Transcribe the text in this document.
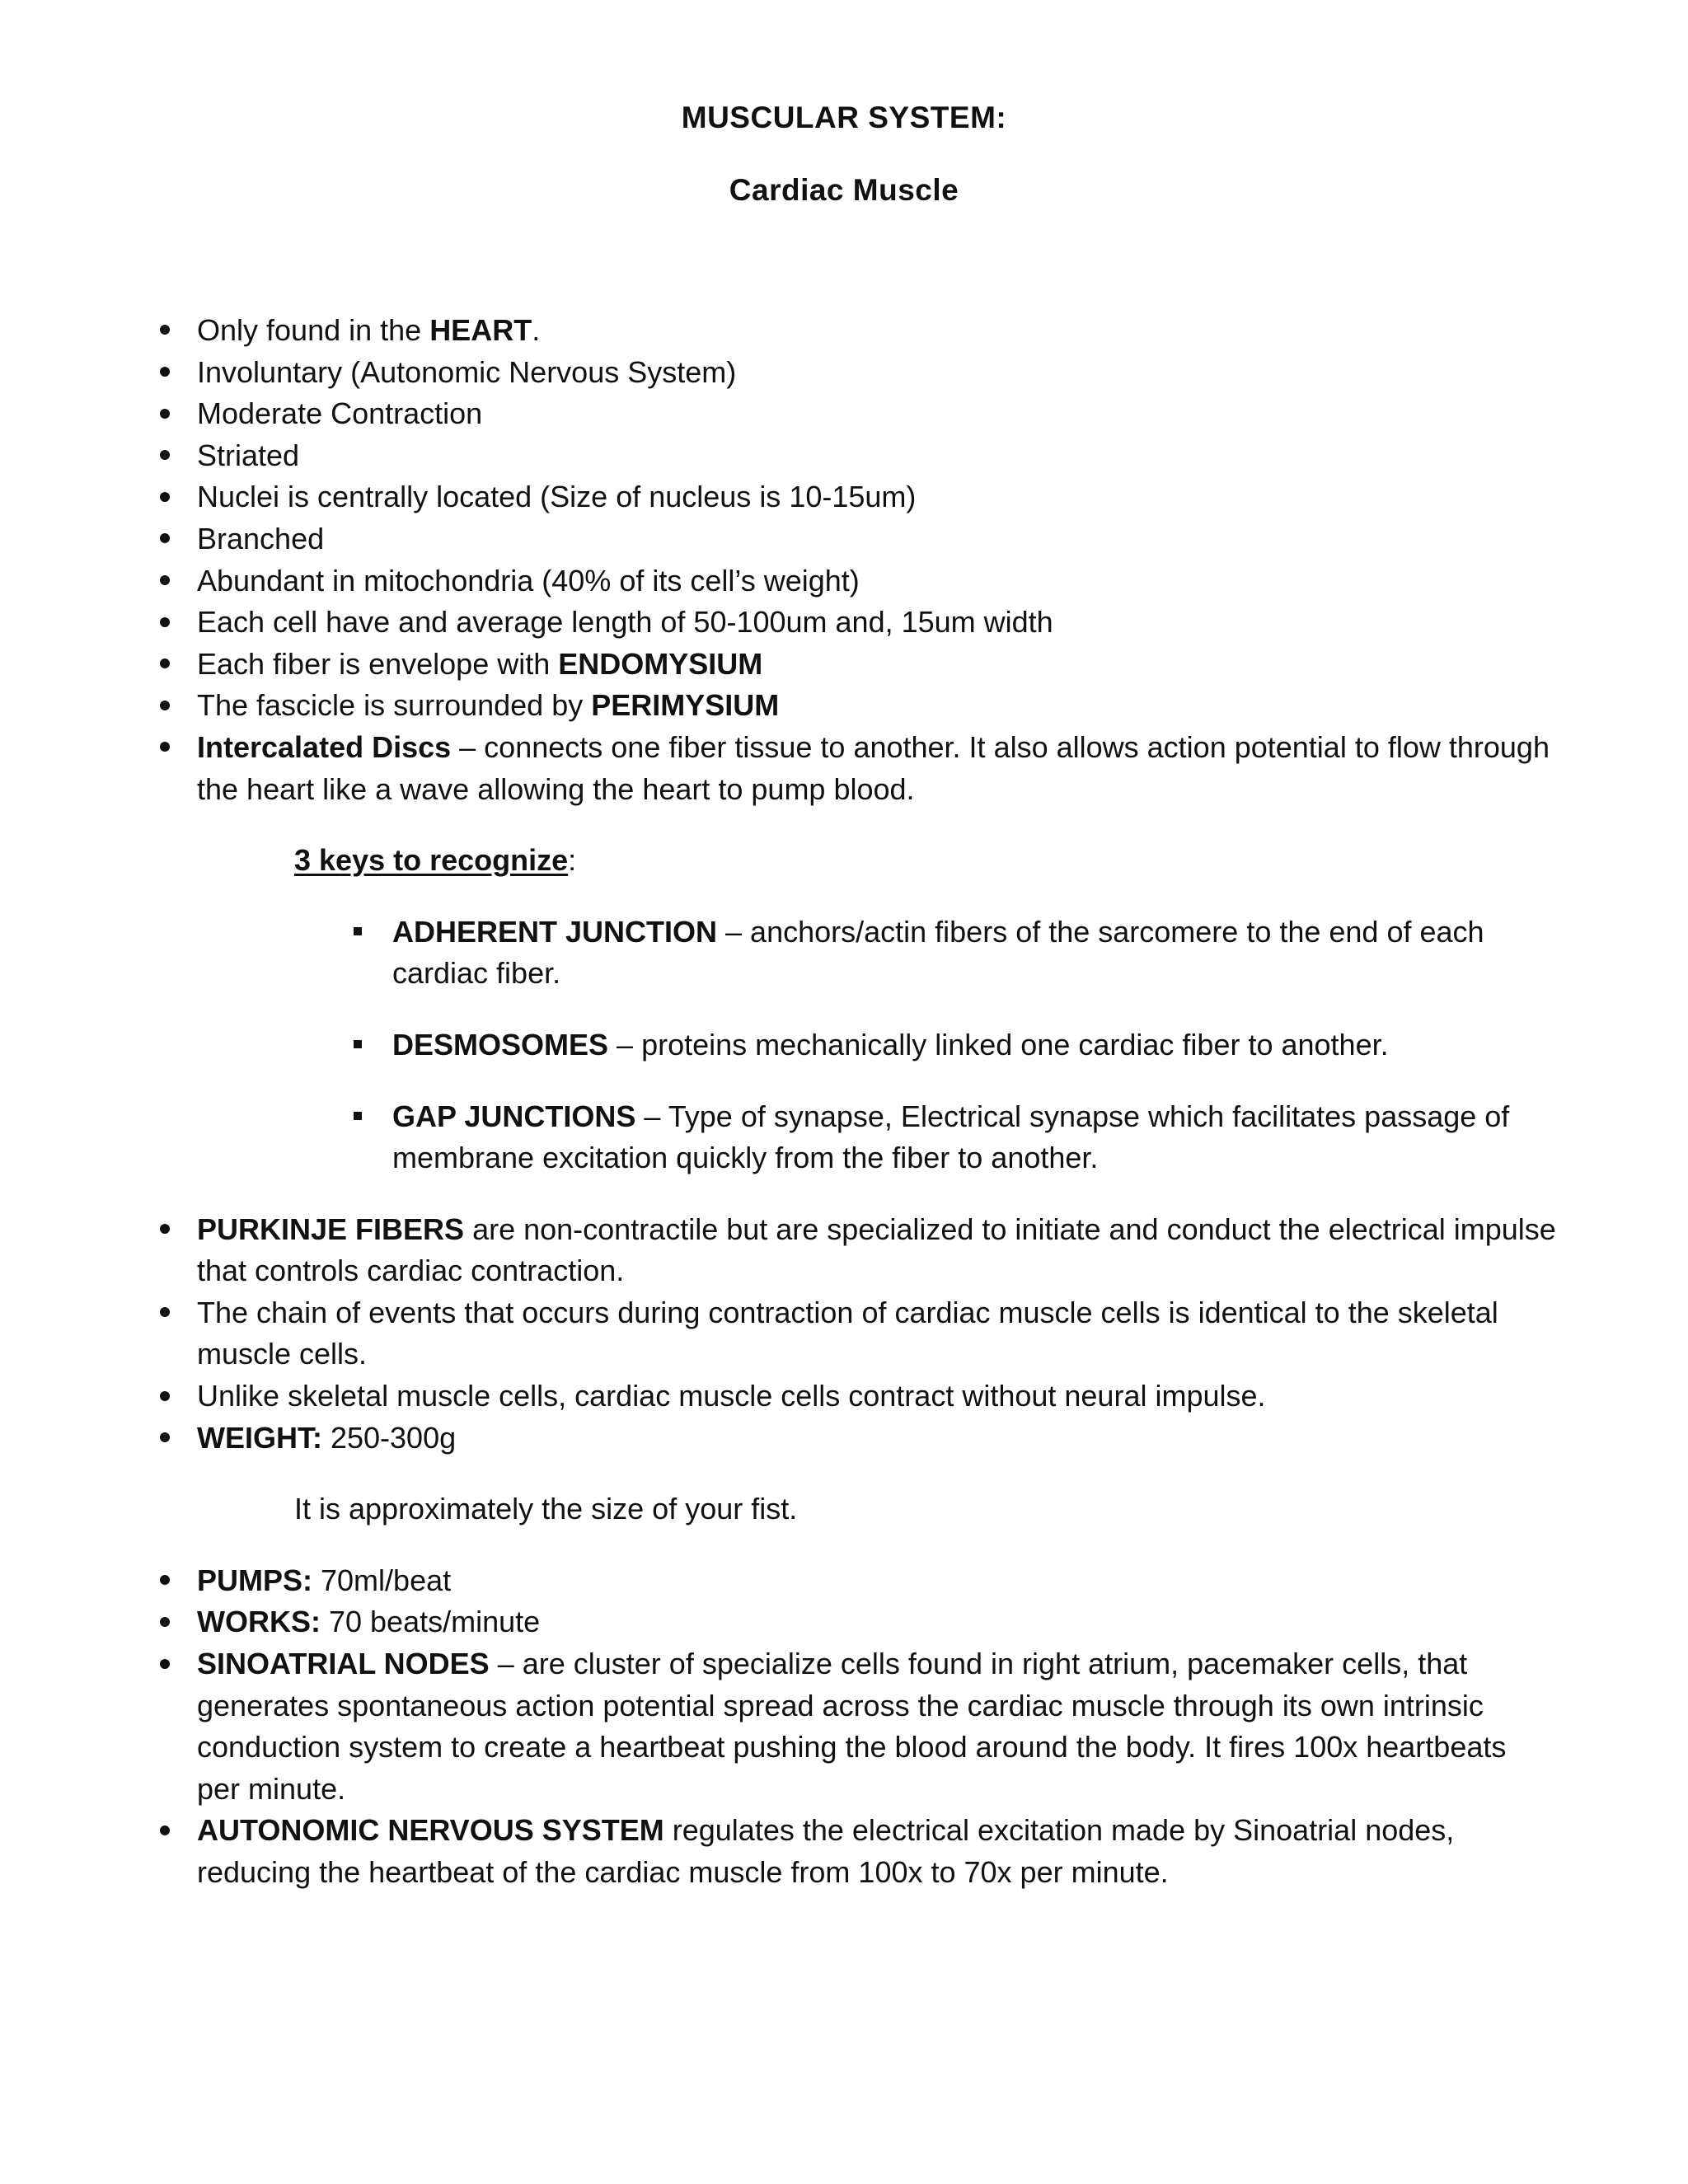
MUSCULAR SYSTEM:
Cardiac Muscle

Only found in the HEART.

Involuntary (Autonomic Nervous System)

Moderate Contraction

Striated

Nuclei is centrally located (Size of nucleus is 10-15um)

Branched

Abundant in mitochondria (40% of its cell’s weight)

Each cell have and average length of 50-100um and, 15um width

Each fiber is envelope with ENDOMYSIUM

The fascicle is surrounded by PERIMYSIUM

Intercalated Discs – connects one fiber tissue to another. It also allows action potential to flow through the heart like a wave allowing the heart to pump blood.

3 keys to recognize:

ADHERENT JUNCTION – anchors/actin fibers of the sarcomere to the end of each cardiac fiber.

DESMOSOMES – proteins mechanically linked one cardiac fiber to another.

GAP JUNCTIONS – Type of synapse, Electrical synapse which facilitates passage of membrane excitation quickly from the fiber to another.

PURKINJE FIBERS are non-contractile but are specialized to initiate and conduct the electrical impulse that controls cardiac contraction.

The chain of events that occurs during contraction of cardiac muscle cells is identical to the skeletal muscle cells.

Unlike skeletal muscle cells, cardiac muscle cells contract without neural impulse.

WEIGHT: 250-300g

It is approximately the size of your fist.

PUMPS: 70ml/beat

WORKS: 70 beats/minute

SINOATRIAL NODES – are cluster of specialize cells found in right atrium, pacemaker cells, that generates spontaneous action potential spread across the cardiac muscle through its own intrinsic conduction system to create a heartbeat pushing the blood around the body. It fires 100x heartbeats per minute.

AUTONOMIC NERVOUS SYSTEM regulates the electrical excitation made by Sinoatrial nodes, reducing the heartbeat of the cardiac muscle from 100x to 70x per minute.
